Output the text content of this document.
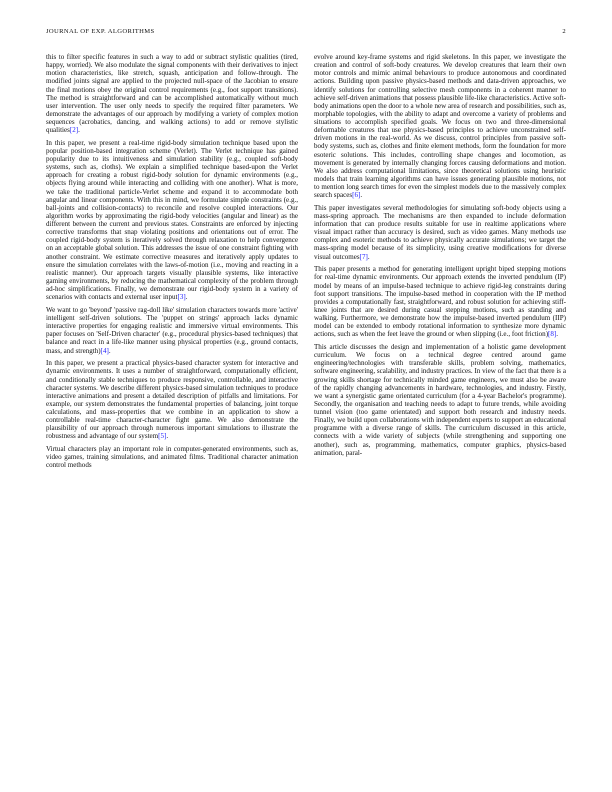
JOURNAL OF EXP. ALGORITHMS	2

this to filter specific features in such a way to add or subtract stylistic qualities (tired, happy, worried). We also modulate the signal components with their derivatives to inject motion characteristics, like stretch, squash, anticipation and follow-through. The modified joints signal are applied to the projected null-space of the Jacobian to ensure the final motions obey the original control requirements (e.g., foot support transitions). The method is straightforward and can be accomplished automatically without much user intervention. The user only needs to specify the required filter parameters. We demonstrate the advantages of our approach by modifying a variety of complex motion sequences (acrobatics, dancing, and walking actions) to add or remove stylistic qualities[2].

In this paper, we present a real-time rigid-body simulation technique based upon the popular position-based integration scheme (Verlet). The Verlet technique has gained popularity due to its intuitiveness and simulation stability (e.g., coupled soft-body systems, such as, cloths). We explain a simplified technique based-upon the Verlet approach for creating a robust rigid-body solution for dynamic environments (e.g., objects flying around while interacting and colliding with one another). What is more, we take the traditional particle-Verlet scheme and expand it to accommodate both angular and linear components. With this in mind, we formulate simple constraints (e.g., ball-joints and collision-contacts) to reconcile and resolve coupled interactions. Our algorithm works by approximating the rigid-body velocities (angular and linear) as the different between the current and previous states. Constraints are enforced by injecting corrective transforms that snap violating positions and orientations out of error. The coupled rigid-body system is iteratively solved through relaxation to help convergence on an acceptable global solution. This addresses the issue of one constraint fighting with another constraint. We estimate corrective measures and iteratively apply updates to ensure the simulation correlates with the laws-of-motion (i.e., moving and reacting in a realistic manner). Our approach targets visually plausible systems, like interactive gaming environments, by reducing the mathematical complexity of the problem through ad-hoc simplifications. Finally, we demonstrate our rigid-body system in a variety of scenarios with contacts and external user input[3].

We want to go 'beyond' 'passive rag-doll like' simulation characters towards more 'active' intelligent self-driven solutions. The 'puppet on strings' approach lacks dynamic interactive properties for engaging realistic and immersive virtual environments. This paper focuses on 'Self-Driven character' (e.g., procedural physics-based techniques) that balance and react in a life-like manner using physical properties (e.g., ground contacts, mass, and strength)[4].

In this paper, we present a practical physics-based character system for interactive and dynamic environments. It uses a number of straightforward, computationally efficient, and conditionally stable techniques to produce responsive, controllable, and interactive character systems. We describe different physics-based simulation techniques to produce interactive animations and present a detailed description of pitfalls and limitations. For example, our system demonstrates the fundamental properties of balancing, joint torque calculations, and mass-properties that we combine in an application to show a controllable real-time character-character fight game. We also demonstrate the plausibility of our approach through numerous important simulations to illustrate the robustness and advantage of our system[5].

Virtual characters play an important role in computer-generated environments, such as, video games, training simulations, and animated films. Traditional character animation control methods

evolve around key-frame systems and rigid skeletons. In this paper, we investigate the creation and control of soft-body creatures. We develop creatures that learn their own motor controls and mimic animal behaviours to produce autonomous and coordinated actions. Building upon passive physics-based methods and data-driven approaches, we identify solutions for controlling selective mesh components in a coherent manner to achieve self-driven animations that possess plausible life-like characteristics. Active soft-body animations open the door to a whole new area of research and possibilities, such as, morphable topologies, with the ability to adapt and overcome a variety of problems and situations to accomplish specified goals. We focus on two and three-dimensional deformable creatures that use physics-based principles to achieve unconstrained self-driven motions in the real-world. As we discuss, control principles from passive soft-body systems, such as, clothes and finite element methods, form the foundation for more esoteric solutions. This includes, controlling shape changes and locomotion, as movement is generated by internally changing forces causing deformations and motion. We also address computational limitations, since theoretical solutions using heuristic models that train learning algorithms can have issues generating plausible motions, not to mention long search times for even the simplest models due to the massively complex search spaces[6].

This paper investigates several methodologies for simulating soft-body objects using a mass-spring approach. The mechanisms are then expanded to include deformation information that can produce results suitable for use in realtime applications where visual impact rather than accuracy is desired, such as video games. Many methods use complex and esoteric methods to achieve physically accurate simulations; we target the mass-spring model because of its simplicity, using creative modifications for diverse visual outcomes[7].

This paper presents a method for generating intelligent upright biped stepping motions for real-time dynamic environments. Our approach extends the inverted pendulum (IP) model by means of an impulse-based technique to achieve rigid-leg constraints during foot support transitions. The impulse-based method in cooperation with the IP method provides a computationally fast, straightforward, and robust solution for achieving stiff-knee joints that are desired during casual stepping motions, such as standing and walking. Furthermore, we demonstrate how the impulse-based inverted pendulum (IIP) model can be extended to embody rotational information to synthesize more dynamic actions, such as when the feet leave the ground or when slipping (i.e., foot friction)[8].

This article discusses the design and implementation of a holistic game development curriculum. We focus on a technical degree centred around game engineering/technologies with transferable skills, problem solving, mathematics, software engineering, scalability, and industry practices. In view of the fact that there is a growing skills shortage for technically minded game engineers, we must also be aware of the rapidly changing advancements in hardware, technologies, and industry. Firstly, we want a synergistic game orientated curriculum (for a 4-year Bachelor's programme). Secondly, the organisation and teaching needs to adapt to future trends, while avoiding tunnel vision (too game orientated) and support both research and industry needs. Finally, we build upon collaborations with independent experts to support an educational programme with a diverse range of skills. The curriculum discussed in this article, connects with a wide variety of subjects (while strengthening and supporting one another), such as, programming, mathematics, computer graphics, physics-based animation, paral-
